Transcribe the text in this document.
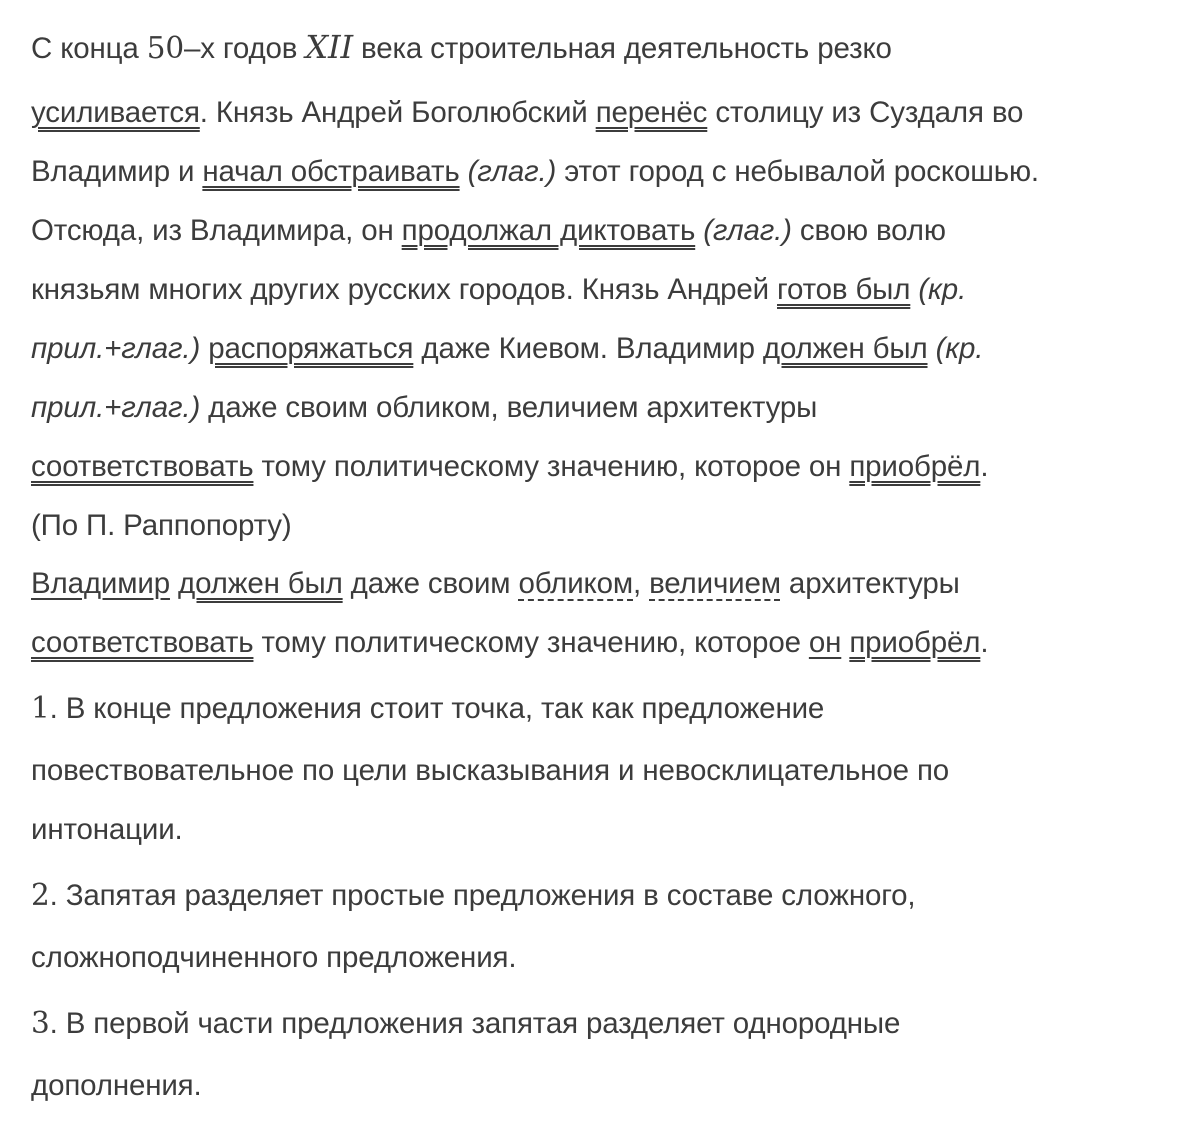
С конца 50–х годов XII века строительная деятельность резко
усиливается. Князь Андрей Боголюбский перенёс столицу из Суздаля во
Владимир и начал обстраивать (глаг.) этот город с небывалой роскошью.
Отсюда, из Владимира, он продолжал диктовать (глаг.) свою волю
князьям многих других русских городов. Князь Андрей готов был (кр.
прил.+глаг.) распоряжаться даже Киевом. Владимир должен был (кр.
прил.+глаг.) даже своим обликом, величием архитектуры
соответствовать тому политическому значению, которое он приобрёл.
(По П. Раппопорту)
Владимир должен был даже своим обликом, величием архитектуры
соответствовать тому политическому значению, которое он приобрёл.
1. В конце предложения стоит точка, так как предложение
повествовательное по цели высказывания и невосклицательное по
интонации.
2. Запятая разделяет простые предложения в составе сложного,
сложноподчиненного предложения.
3. В первой части предложения запятая разделяет однородные
дополнения.
